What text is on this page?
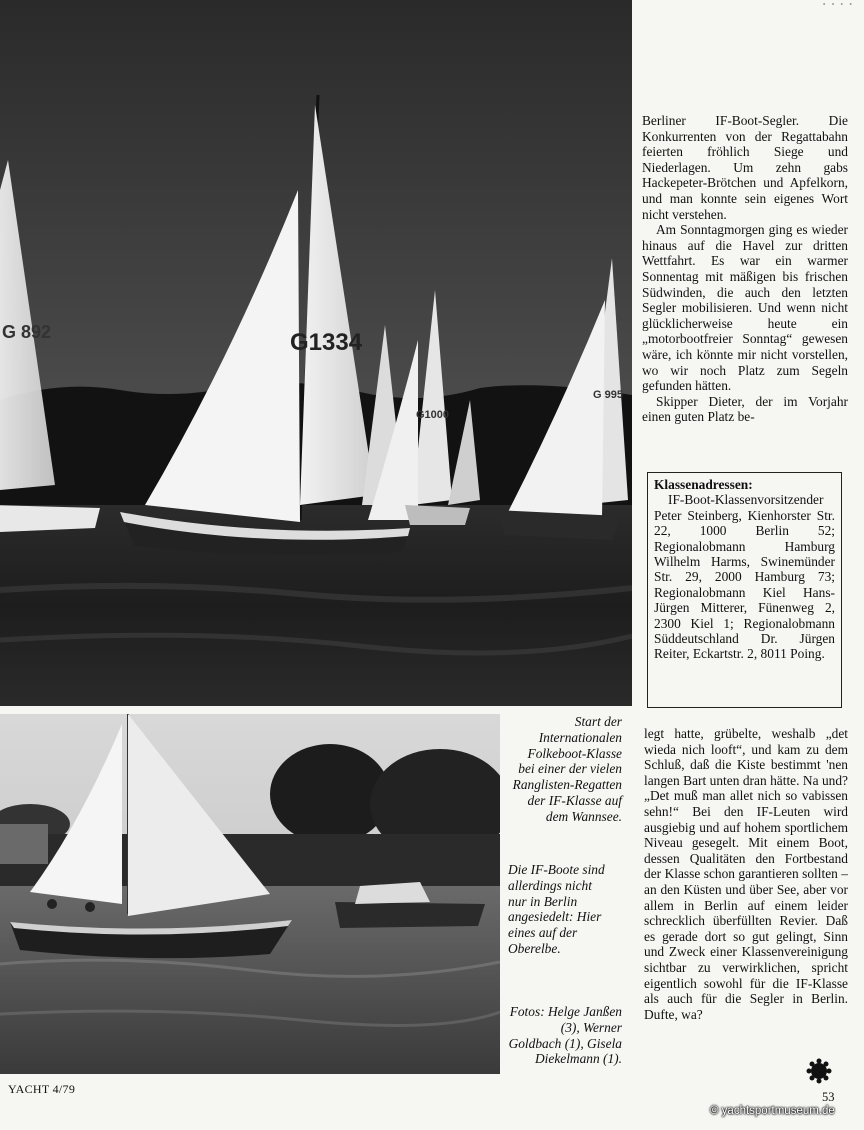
• • • •
G 892	G1334
G1000
G 995

Berliner IF-Boot-Segler. Die Konkurrenten von der Regattabahn feierten fröhlich Siege und Niederlagen. Um zehn gabs Hackepeter-Brötchen und Apfelkorn, und man konnte sein eigenes Wort nicht verstehen.

Am Sonntagmorgen ging es wieder hinaus auf die Havel zur dritten Wettfahrt. Es war ein warmer Sonnentag mit mäßigen bis frischen Südwinden, die auch den letzten Segler mobilisieren. Und wenn nicht glücklicherweise heute ein „motorbootfreier Sonntag“ gewesen wäre, ich könnte mir nicht vorstellen, wo wir noch Platz zum Segeln gefunden hätten.

Skipper Dieter, der im Vorjahr einen guten Platz be-

Klassenadressen:
IF-Boot-Klassenvorsitzender Peter Steinberg, Kienhorster Str. 22, 1000 Berlin 52; Regionalobmann Hamburg Wilhelm Harms, Swinemünder Str. 29, 2000 Hamburg 73; Regionalobmann Kiel Hans-Jürgen Mitterer, Fünenweg 2, 2300 Kiel 1; Regionalobmann Süddeutschland Dr. Jürgen Reiter, Eckartstr. 2, 8011 Poing.
Start der Internationalen Folkeboot-Klasse bei einer der vielen Ranglisten-Regatten der IF-Klasse auf dem Wannsee.
Die IF-Boote sind allerdings nicht nur in Berlin angesiedelt: Hier eines auf der Oberelbe.
Fotos: Helge Janßen (3), Werner Goldbach (1), Gisela Diekelmann (1).

legt hatte, grübelte, weshalb „det wieda nich looft“, und kam zu dem Schluß, daß die Kiste bestimmt 'nen langen Bart unten dran hätte. Na und? „Det muß man allet nich so vabissen sehn!“ Bei den IF-Leuten wird ausgiebig und auf hohem sportlichem Niveau gesegelt. Mit einem Boot, dessen Qualitäten den Fortbestand der Klasse schon garantieren sollten – an den Küsten und über See, aber vor allem in Berlin auf einem leider schrecklich überfüllten Revier. Daß es gerade dort so gut gelingt, Sinn und Zweck einer Klassenvereinigung sichtbar zu verwirklichen, spricht eigentlich sowohl für die IF-Klasse als auch für die Segler in Berlin. Dufte, wa?

YACHT 4/79
53
© yachtsportmuseum.de
